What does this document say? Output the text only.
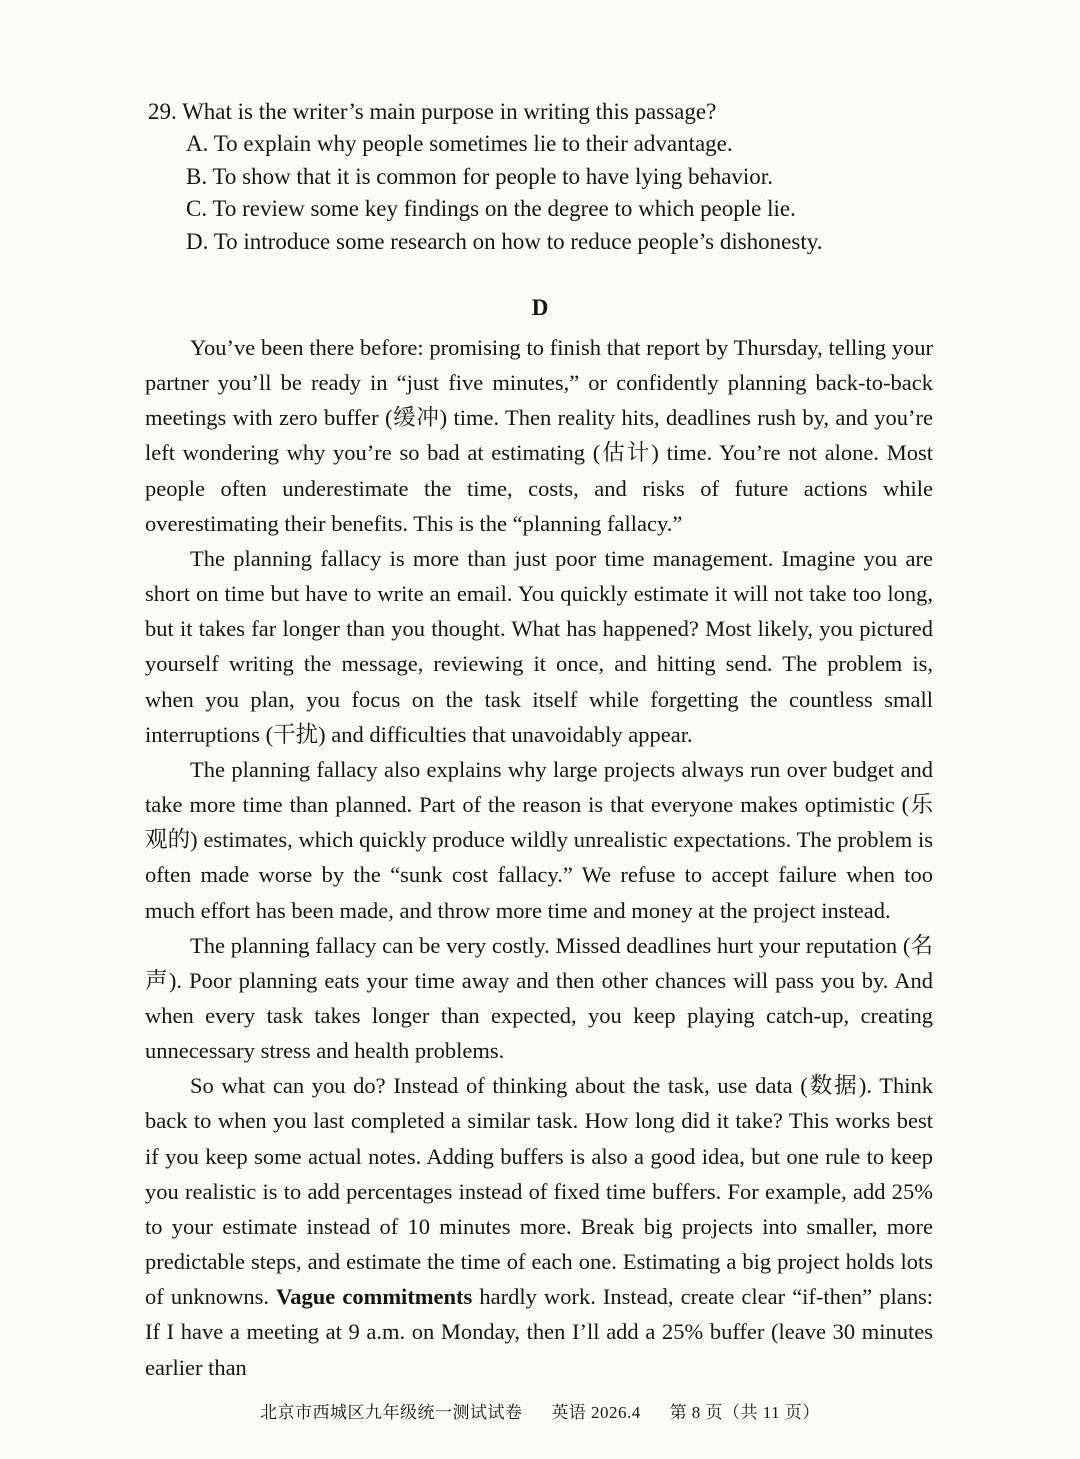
29. What is the writer’s main purpose in writing this passage?

A. To explain why people sometimes lie to their advantage.
B. To show that it is common for people to have lying behavior.
C. To review some key findings on the degree to which people lie.
D. To introduce some research on how to reduce people’s dishonesty.
D

You’ve been there before: promising to finish that report by Thursday, telling your partner you’ll be ready in “just five minutes,” or confidently planning back-to-back meetings with zero buffer (缓冲) time. Then reality hits, deadlines rush by, and you’re left wondering why you’re so bad at estimating (估计) time. You’re not alone. Most people often underestimate the time, costs, and risks of future actions while overestimating their benefits. This is the “planning fallacy.”

The planning fallacy is more than just poor time management. Imagine you are short on time but have to write an email. You quickly estimate it will not take too long, but it takes far longer than you thought. What has happened? Most likely, you pictured yourself writing the message, reviewing it once, and hitting send. The problem is, when you plan, you focus on the task itself while forgetting the countless small interruptions (干扰) and difficulties that unavoidably appear.

The planning fallacy also explains why large projects always run over budget and take more time than planned. Part of the reason is that everyone makes optimistic (乐观的) estimates, which quickly produce wildly unrealistic expectations. The problem is often made worse by the “sunk cost fallacy.” We refuse to accept failure when too much effort has been made, and throw more time and money at the project instead.

The planning fallacy can be very costly. Missed deadlines hurt your reputation (名声). Poor planning eats your time away and then other chances will pass you by. And when every task takes longer than expected, you keep playing catch-up, creating unnecessary stress and health problems.

So what can you do? Instead of thinking about the task, use data (数据). Think back to when you last completed a similar task. How long did it take? This works best if you keep some actual notes. Adding buffers is also a good idea, but one rule to keep you realistic is to add percentages instead of fixed time buffers. For example, add 25% to your estimate instead of 10 minutes more. Break big projects into smaller, more predictable steps, and estimate the time of each one. Estimating a big project holds lots of unknowns. Vague commitments hardly work. Instead, create clear “if-then” plans: If I have a meeting at 9 a.m. on Monday, then I’ll add a 25% buffer (leave 30 minutes earlier than

北京市西城区九年级统一测试试卷 英语 2026.4 第 8 页（共 11 页）
